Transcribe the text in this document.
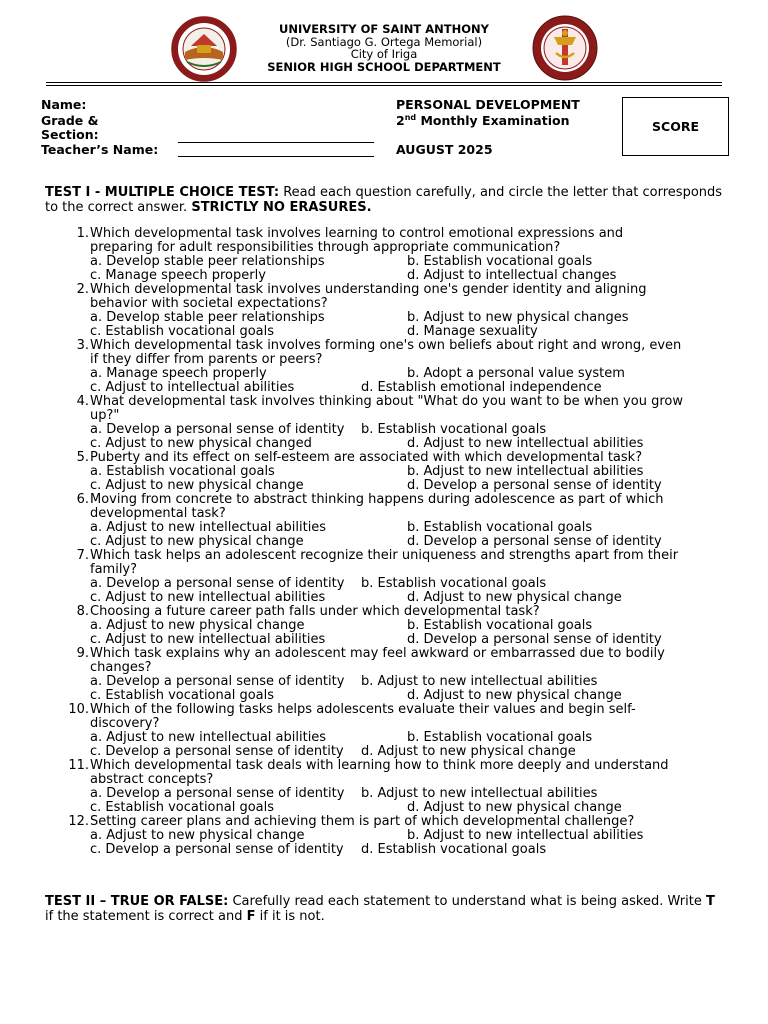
UNIVERSITY OF SAINT ANTHONY
(Dr. Santiago G. Ortega Memorial)
City of Iriga
SENIOR HIGH SCHOOL DEPARTMENT
Name:
Grade &
Section:
Teacher’s Name:
PERSONAL DEVELOPMENT
2nd Monthly Examination
AUGUST 2025
SCORE
TEST I - MULTIPLE CHOICE TEST: Read each question carefully, and circle the letter that corresponds to the correct answer. STRICTLY NO ERASURES.
1. Which developmental task involves learning to control emotional expressions and
preparing for adult responsibilities through appropriate communication?
a. Develop stable peer relationships	b. Establish vocational goals
c. Manage speech properly	d. Adjust to intellectual changes
2. Which developmental task involves understanding one's gender identity and aligning
behavior with societal expectations?
a. Develop stable peer relationships	b. Adjust to new physical changes
c. Establish vocational goals	d. Manage sexuality
3. Which developmental task involves forming one's own beliefs about right and wrong, even
if they differ from parents or peers?
a. Manage speech properly	b. Adopt a personal value system
c. Adjust to intellectual abilities	d. Establish emotional independence
4. What developmental task involves thinking about "What do you want to be when you grow
up?"
a. Develop a personal sense of identity b. Establish vocational goals
c. Adjust to new physical changed	d. Adjust to new intellectual abilities
5. Puberty and its effect on self-esteem are associated with which developmental task?
a. Establish vocational goals	b. Adjust to new intellectual abilities
c. Adjust to new physical change	d. Develop a personal sense of identity
6. Moving from concrete to abstract thinking happens during adolescence as part of which
developmental task?
a. Adjust to new intellectual abilities	b. Establish vocational goals
c. Adjust to new physical change	d. Develop a personal sense of identity
7. Which task helps an adolescent recognize their uniqueness and strengths apart from their
family?
a. Develop a personal sense of identity b. Establish vocational goals
c. Adjust to new intellectual abilities	d. Adjust to new physical change
8. Choosing a future career path falls under which developmental task?
a. Adjust to new physical change	b. Establish vocational goals
c. Adjust to new intellectual abilities	d. Develop a personal sense of identity
9. Which task explains why an adolescent may feel awkward or embarrassed due to bodily
changes?
a. Develop a personal sense of identity b. Adjust to new intellectual abilities
c. Establish vocational goals	d. Adjust to new physical change
10. Which of the following tasks helps adolescents evaluate their values and begin self-
discovery?
a. Adjust to new intellectual abilities	b. Establish vocational goals
c. Develop a personal sense of identity d. Adjust to new physical change
11. Which developmental task deals with learning how to think more deeply and understand
abstract concepts?
a. Develop a personal sense of identity b. Adjust to new intellectual abilities
c. Establish vocational goals	d. Adjust to new physical change
12. Setting career plans and achieving them is part of which developmental challenge?
a. Adjust to new physical change	b. Adjust to new intellectual abilities
c. Develop a personal sense of identity d. Establish vocational goals
TEST II – TRUE OR FALSE: Carefully read each statement to understand what is being asked. Write T if the statement is correct and F if it is not.
